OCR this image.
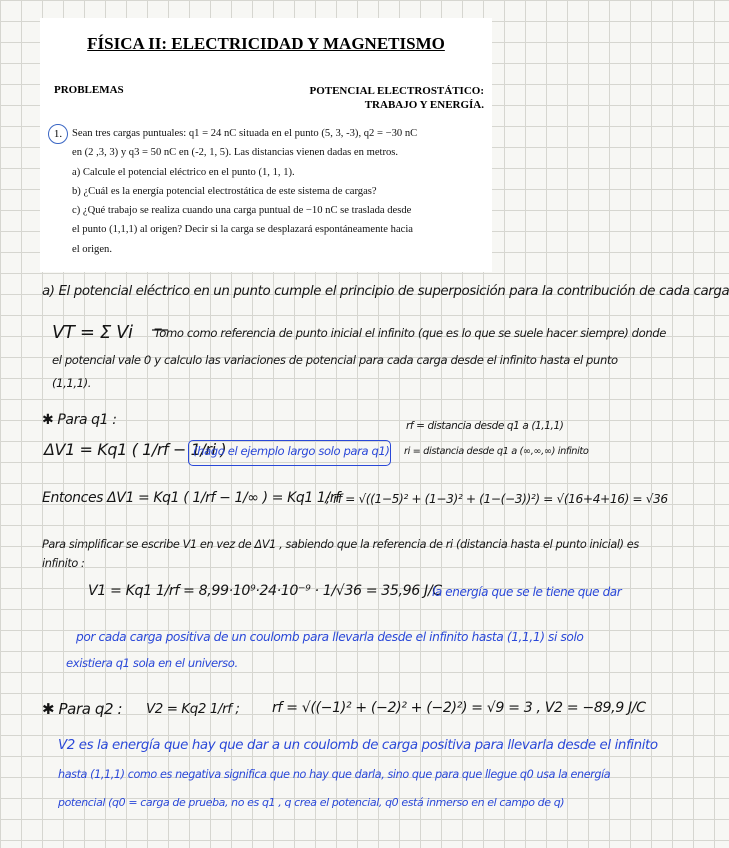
FÍSICA II: ELECTRICIDAD Y MAGNETISMO
PROBLEMAS	POTENCIAL ELECTROSTÁTICO:
TRABAJO Y ENERGÍA.
1. Sean tres cargas puntuales: q1 = 24 nC situada en el punto (5, 3, -3), q2 = −30 nC

en (2 ,3, 3) y q3 = 50 nC en (-2, 1, 5). Las distancias vienen dadas en metros.

a) Calcule el potencial eléctrico en el punto (1, 1, 1).

b) ¿Cuál es la energía potencial electrostática de este sistema de cargas?

c) ¿Qué trabajo se realiza cuando una carga puntual de −10 nC se traslada desde

el punto (1,1,1) al origen? Decir si la carga se desplazará espontáneamente hacia

el origen.

a) El potencial eléctrico en un punto cumple el principio de superposición para la contribución de cada carga
VT = Σ Vi Tomo como referencia de punto inicial el infinito (que es lo que se suele hacer siempre) donde
el potencial vale 0 y calculo las variaciones de potencial para cada carga desde el infinito hasta el punto
(1,1,1).
✱ Para q1 :	rf = distancia desde q1 a (1,1,1)
ΔV1 = Kq1 ( 1/rf − 1/ri )
(hago el ejemplo largo solo para q1) ri = distancia desde q1 a (∞,∞,∞) infinito
Entonces ΔV1 = Kq1 ( 1/rf − 1/∞ ) = Kq1 1/rf
; rf = √((1−5)² + (1−3)² + (1−(−3))²) = √(16+4+16) = √36
Para simplificar se escribe V1 en vez de ΔV1 , sabiendo que la referencia de ri (distancia hasta el punto inicial) es
infinito :
V1 = Kq1 1/rf = 8,99·10⁹·24·10⁻⁹ · 1/√36 = 35,96 J/C
la energía que se le tiene que dar
por cada carga positiva de un coulomb para llevarla desde el infinito hasta (1,1,1) si solo
existiera q1 sola en el universo.
✱ Para q2 : V2 = Kq2 1/rf ; rf = √((−1)² + (−2)² + (−2)²) = √9 = 3 , V2 = −89,9 J/C
V2 es la energía que hay que dar a un coulomb de carga positiva para llevarla desde el infinito
hasta (1,1,1) como es negativa significa que no hay que darla, sino que para que llegue q0 usa la energía
potencial (q0 = carga de prueba, no es q1 , q crea el potencial, q0 está inmerso en el campo de q)
